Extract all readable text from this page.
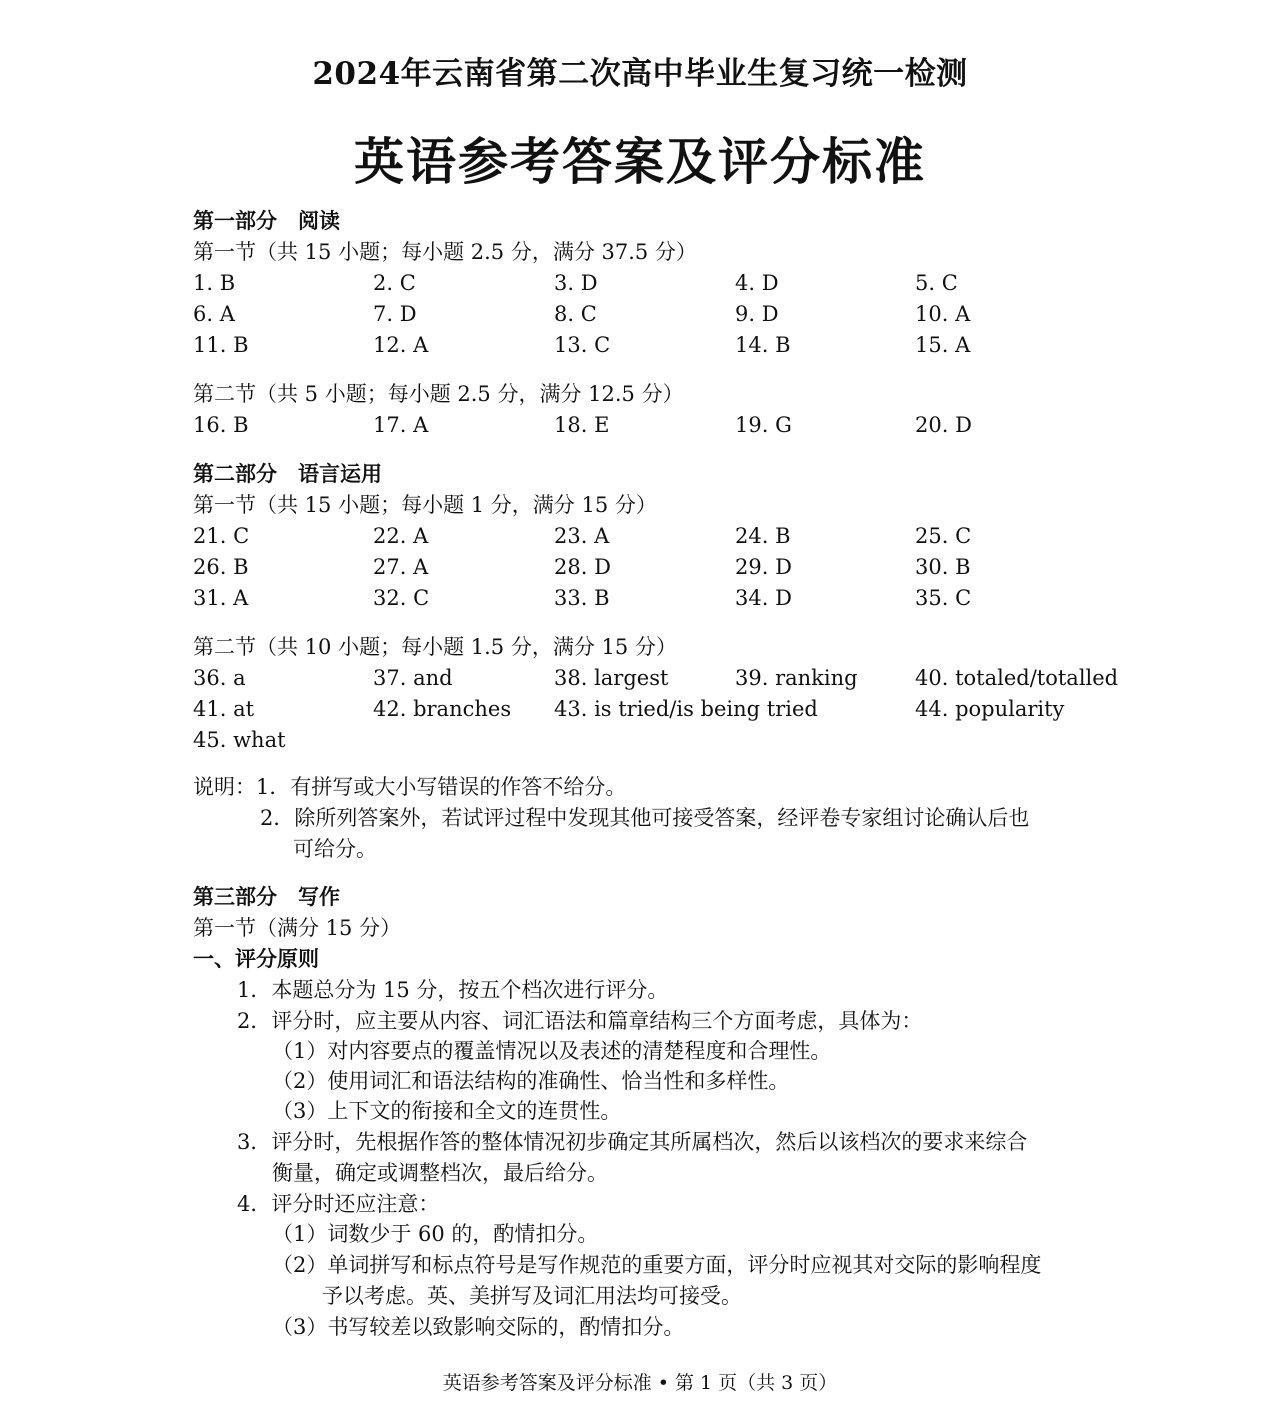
2024年云南省第二次高中毕业生复习统一检测
英语参考答案及评分标准
第一部分　阅读
第一节（共 15 小题；每小题 2.5 分，满分 37.5 分）
1. B	2. C	3. D	4. D	5. C
6. A	7. D	8. C	9. D	10. A
11. B	12. A	13. C	14. B	15. A
第二节（共 5 小题；每小题 2.5 分，满分 12.5 分）
16. B	17. A	18. E	19. G	20. D
第二部分　语言运用
第一节（共 15 小题；每小题 1 分，满分 15 分）
21. C	22. A	23. A	24. B	25. C
26. B	27. A	28. D	29. D	30. B
31. A	32. C	33. B	34. D	35. C
第二节（共 10 小题；每小题 1.5 分，满分 15 分）
36. a	37. and	38. largest	39. ranking	40. totaled/totalled
41. at	42. branches 43. is tried/is being tried	44. popularity
45. what
说明：1．有拼写或大小写错误的作答不给分。
2．除所列答案外，若试评过程中发现其他可接受答案，经评卷专家组讨论确认后也
可给分。
第三部分　写作
第一节（满分 15 分）
一、评分原则
1．本题总分为 15 分，按五个档次进行评分。
2．评分时，应主要从内容、词汇语法和篇章结构三个方面考虑，具体为：
（1）对内容要点的覆盖情况以及表述的清楚程度和合理性。
（2）使用词汇和语法结构的准确性、恰当性和多样性。
（3）上下文的衔接和全文的连贯性。
3．评分时，先根据作答的整体情况初步确定其所属档次，然后以该档次的要求来综合
衡量，确定或调整档次，最后给分。
4．评分时还应注意：
（1）词数少于 60 的，酌情扣分。
（2）单词拼写和标点符号是写作规范的重要方面，评分时应视其对交际的影响程度
予以考虑。英、美拼写及词汇用法均可接受。
（3）书写较差以致影响交际的，酌情扣分。
英语参考答案及评分标准 • 第 1 页（共 3 页）
